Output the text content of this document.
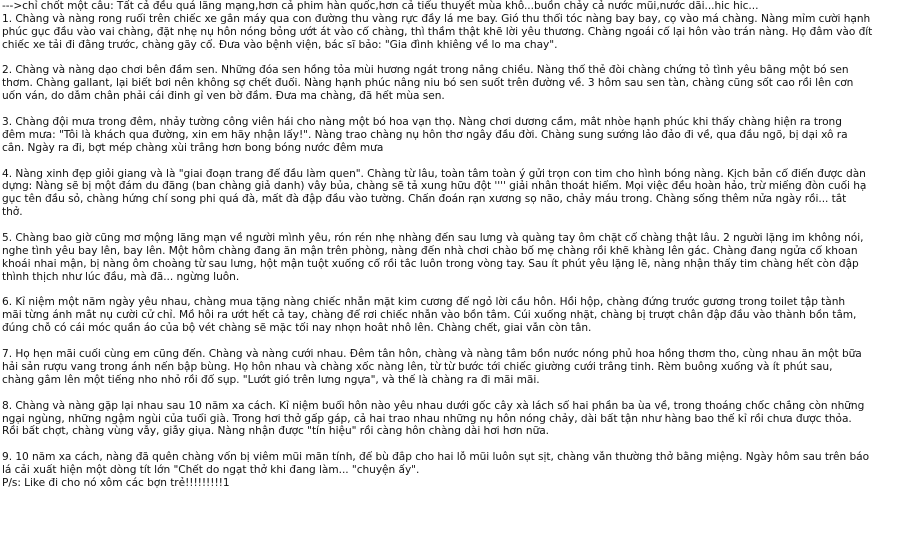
--->chỉ chốt một câu: Tất cả đều quá lãng mạng,hơn cả phim hàn quốc,hơn cả tiểu thuyết mùa khô...buồn chảy cả nước mũi,nước dãi...hic hic...
1. Chàng và nàng rong ruổi trên chiếc xe gắn máy qua con đường thu vàng rực đầy lá me bay. Gió thu thổi tóc nàng bay bay, cọ vào má chàng. Nàng mỉm cười hạnh
phúc gục đầu vào vai chàng, đặt nhẹ nụ hôn nóng bỏng ướt át vào cổ chàng, thì thầm thật khẽ lời yêu thương. Chàng ngoái cổ lại hôn vào trán nàng. Họ đâm vào đít
chiếc xe tải đi đằng trước, chàng gãy cổ. Đưa vào bệnh viện, bác sĩ bảo: "Gia đình khiêng về lo ma chay".
2. Chàng và nàng dạo chơi bên đầm sen. Những đóa sen hồng tỏa mùi hương ngát trong nắng chiều. Nàng thổ thẻ đòi chàng chứng tỏ tình yêu bằng một bó sen
thơm. Chàng gallant, lại biết bơi nên không sợ chết đuối. Nàng hạnh phúc nâng niu bó sen suốt trên đường về. 3 hôm sau sen tàn, chàng cũng sốt cao rồi lên cơn
uốn ván, do dẫm chân phải cái đinh gỉ ven bờ đầm. Đưa ma chàng, đã hết mùa sen.
3. Chàng đội mưa trong đêm, nhảy tường công viên hái cho nàng một bó hoa vạn thọ. Nàng chơi dương cầm, mắt nhòe hạnh phúc khi thấy chàng hiện ra trong
đêm mưa: "Tôi là khách qua đường, xin em hãy nhận lấy!". Nàng trao chàng nụ hôn thơ ngây đầu đời. Chàng sung sướng lảo đảo đi về, qua đầu ngõ, bị dại xô ra
cắn. Ngày ra đi, bợt mép chàng xùi trắng hơn bong bóng nước đêm mưa
4. Nàng xinh đẹp giỏi giang và là "giai đoạn trang để đầu làm quen". Chàng từ lâu, toàn tâm toàn ý gửi trọn con tim cho hình bóng nàng. Kịch bản cổ điển được dàn
dựng: Nàng sẽ bị một đám du đãng (ban chàng giả danh) vây bủa, chàng sẽ tả xung hữu đột '''' giải nhân thoát hiểm. Mọi việc đều hoàn hảo, trừ miếng đòn cuối hạ
gục tên đầu sỏ, chàng hứng chí song phi quá đà, mất đà đập đầu vào tường. Chấn đoán rạn xương sọ não, chảy máu trong. Chàng sống thêm nửa ngày rồi... tắt
thở.
5. Chàng bao giờ cũng mơ mộng lãng mạn về người mình yêu, rón rén nhẹ nhàng đến sau lưng và quàng tay ôm chặt cổ chàng thật lâu. 2 người lặng im không nói,
nghe tình yêu bay lên, bay lên. Một hôm chàng đang ăn mận trên phòng, nàng đến nhà chơi chào bố mẹ chàng rồi khẽ khàng lên gác. Chàng đang ngửa cổ khoan
khoái nhai mận, bị nàng ôm choàng từ sau lưng, hột mận tuột xuống cổ rồi tắc luôn trong vòng tay. Sau ít phút yêu lặng lẽ, nàng nhận thấy tim chàng hết còn đập
thình thịch như lúc đầu, mà đã... ngừng luôn.
6. Kỉ niệm một năm ngày yêu nhau, chàng mua tặng nàng chiếc nhẫn mặt kim cương để ngỏ lời cầu hôn. Hồi hộp, chàng đứng trước gương trong toilet tập tành
mãi từng ánh mắt nụ cười cử chỉ. Mồ hôi ra ướt hết cả tay, chàng để rơi chiếc nhẫn vào bồn tắm. Cúi xuống nhặt, chàng bị trượt chân đập đầu vào thành bồn tắm,
đúng chỗ có cái móc quần áo của bộ vét chàng sẽ mặc tối nay nhọn hoắt nhô lên. Chàng chết, giai vẫn còn tân.
7. Họ hẹn mãi cuối cùng em cũng đến. Chàng và nàng cưới nhau. Đêm tân hôn, chàng và nàng tắm bồn nước nóng phủ hoa hồng thơm tho, cùng nhau ăn một bữa
hải sản rượu vang trong ánh nến bập bùng. Họ hôn nhau và chàng xốc nàng lên, từ từ bước tới chiếc giường cưới trắng tinh. Rèm buông xuống và ít phút sau,
chàng gắm lên một tiếng nho nhỏ rồi đổ sụp. "Lướt gió trên lưng ngựa", và thế là chàng ra đi mãi mãi.
8. Chàng và nàng gặp lại nhau sau 10 năm xa cách. Kỉ niệm buổi hôn nào yêu nhau dưới gốc cây xà lách sổ hai phần ba ùa về, trong thoáng chốc chẳng còn những
ngại ngùng, những ngậm ngùi của tuổi già. Trong hơi thở gấp gáp, cả hai trao nhau những nụ hôn nóng chảy, dài bất tận như hàng bao thế kỉ rồi chưa được thỏa.
Rồi bất chợt, chàng vùng vẫy, giẫy giụa. Nàng nhận được "tín hiệu" rồi càng hôn chàng dài hơi hơn nữa.
9. 10 năm xa cách, nàng đã quên chàng vốn bị viêm mũi mãn tính, để bù đắp cho hai lỗ mũi luôn sụt sịt, chàng vẫn thường thở bằng miệng. Ngày hôm sau trên báo
lá cải xuất hiện một dòng tít lớn "Chết do ngạt thở khi đang làm... "chuyện ấy".
P/s: Like đi cho nó xôm các bợn trẻ!!!!!!!!!1
